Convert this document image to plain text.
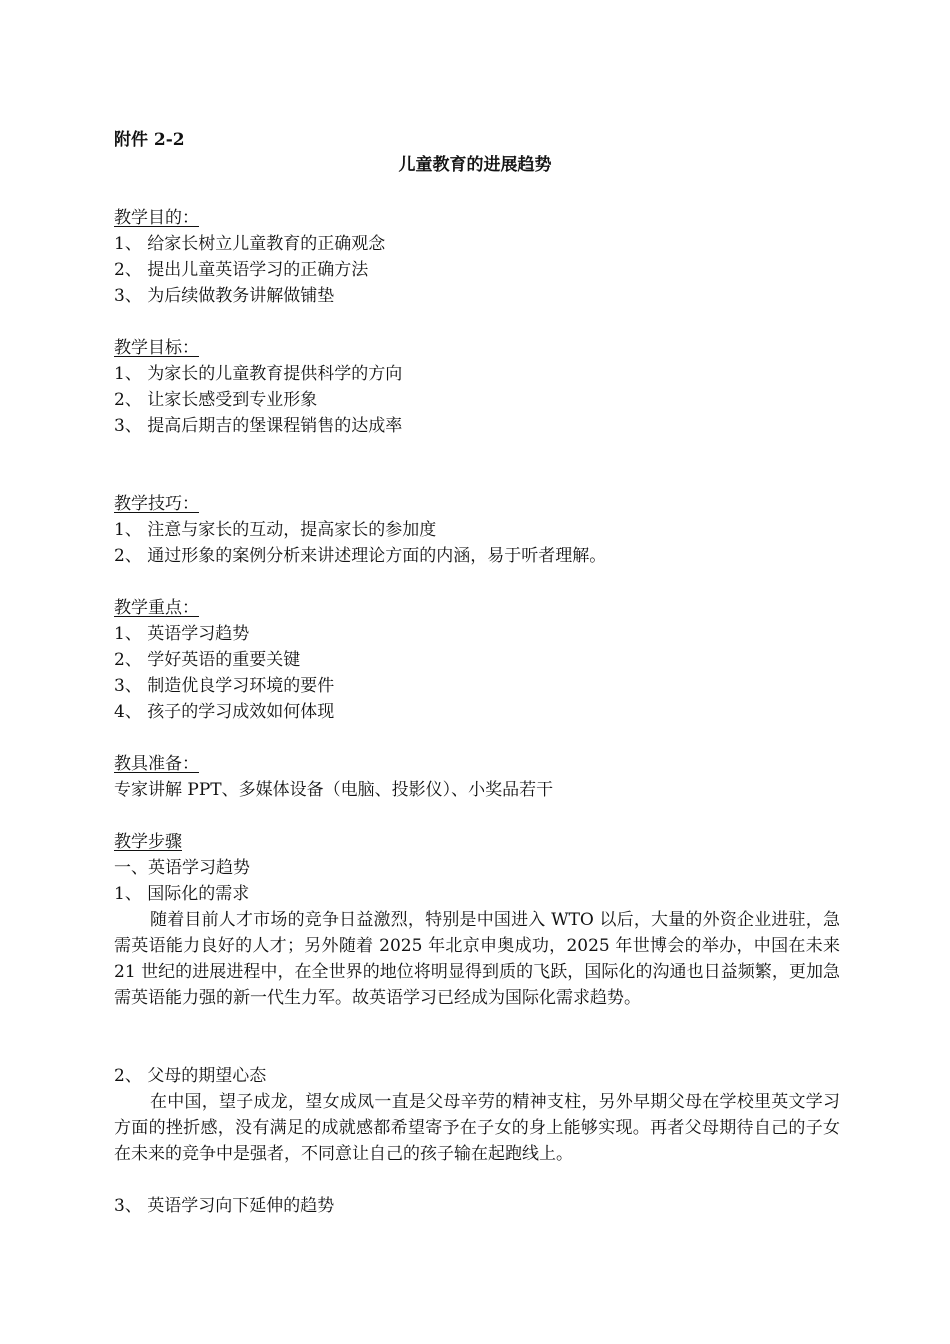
附件 2-2
儿童教育的进展趋势
教学目的：
1、 给家长树立儿童教育的正确观念
2、 提出儿童英语学习的正确方法
3、 为后续做教务讲解做铺垫
教学目标：
1、 为家长的儿童教育提供科学的方向
2、 让家长感受到专业形象
3、 提高后期吉的堡课程销售的达成率
教学技巧：
1、 注意与家长的互动，提高家长的参加度
2、 通过形象的案例分析来讲述理论方面的内涵，易于听者理解。
教学重点：
1、 英语学习趋势
2、 学好英语的重要关键
3、 制造优良学习环境的要件
4、 孩子的学习成效如何体现
教具准备：
专家讲解 PPT、多媒体设备（电脑、投影仪）、小奖品若干
教学步骤
一、英语学习趋势
1、 国际化的需求
随着目前人才市场的竞争日益激烈，特别是中国进入 WTO 以后，大量的外资企业进驻，急需英语能力良好的人才；另外随着 2025 年北京申奥成功，2025 年世博会的举办，中国在未来 21 世纪的进展进程中，在全世界的地位将明显得到质的飞跃，国际化的沟通也日益频繁，更加急需英语能力强的新一代生力军。故英语学习已经成为国际化需求趋势。
2、 父母的期望心态
在中国，望子成龙，望女成凤一直是父母辛劳的精神支柱，另外早期父母在学校里英文学习方面的挫折感，没有满足的成就感都希望寄予在子女的身上能够实现。再者父母期待自己的子女在未来的竞争中是强者，不同意让自己的孩子输在起跑线上。
3、 英语学习向下延伸的趋势
